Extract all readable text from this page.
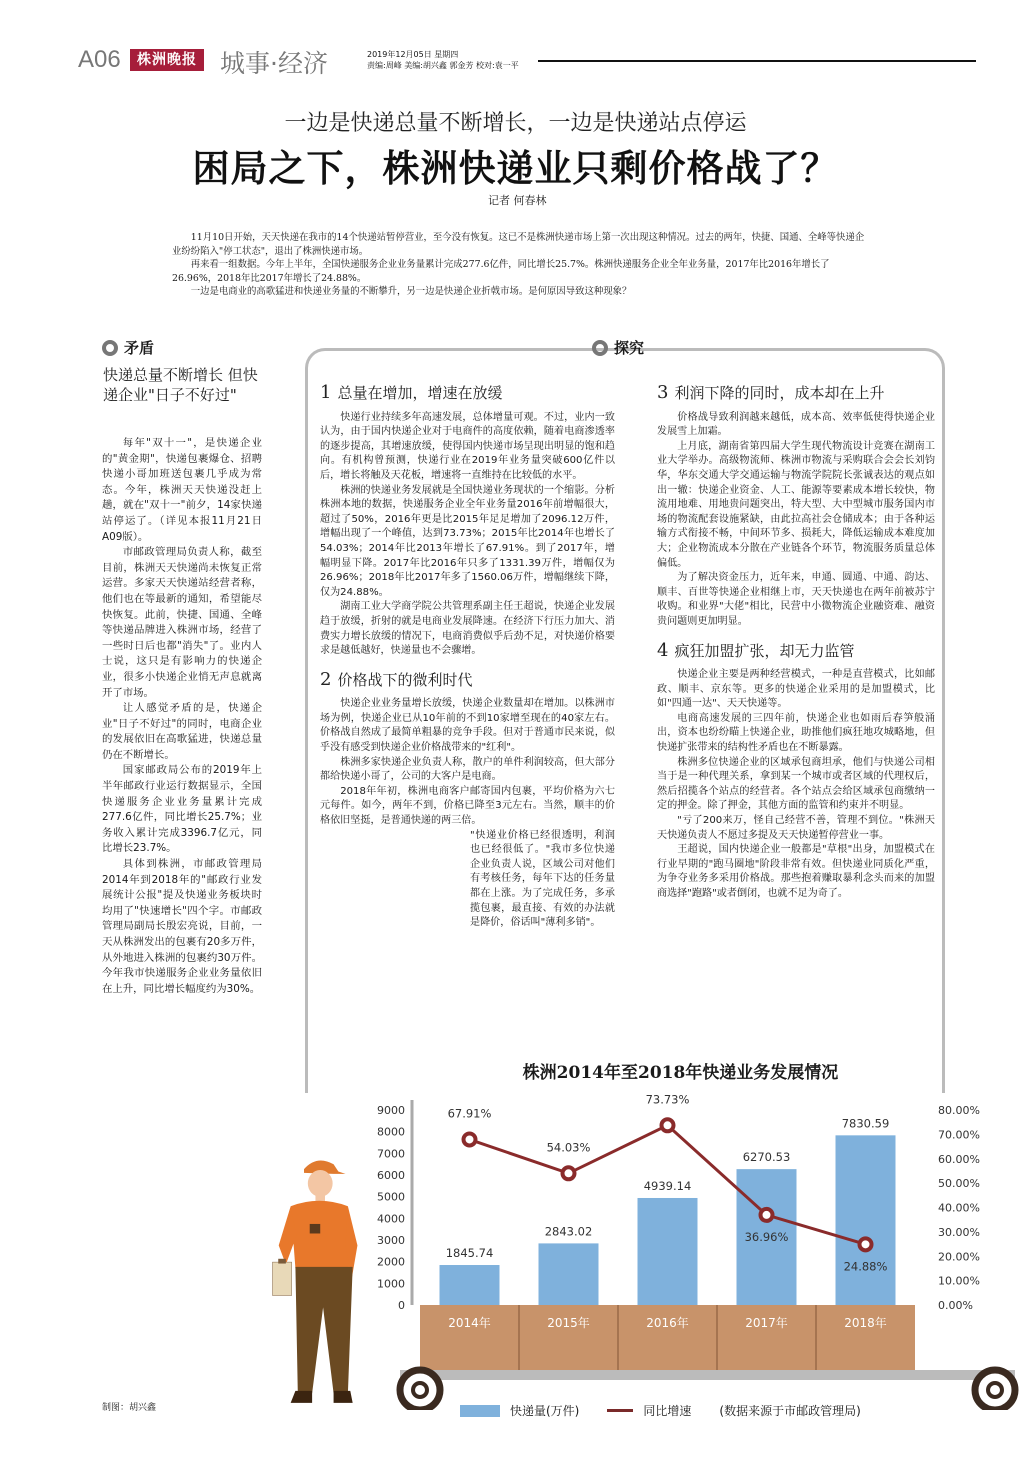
A06	株洲晚报 城事·经济	2019年12月05日 星期四
责编:周峰 美编:胡兴鑫 郭金芳 校对:袁一平
一边是快递总量不断增长，一边是快递站点停运
困局之下，株洲快递业只剩价格战了？
记者 何春林

11月10日开始，天天快递在我市的14个快递站暂停营业，至今没有恢复。这已不是株洲快递市场上第一次出现这种情况。过去的两年，快捷、国通、全峰等快递企业纷纷陷入"停工状态"，退出了株洲快递市场。

再来看一组数据。今年上半年，全国快递服务企业业务量累计完成277.6亿件，同比增长25.7%。株洲快递服务企业全年业务量，2017年比2016年增长了26.96%，2018年比2017年增长了24.88%。

一边是电商业的高歌猛进和快递业务量的不断攀升，另一边是快递企业折戟市场。是何原因导致这种现象？

矛盾
快递总量不断增长 但快递企业"日子不好过"

每年"双十一"，是快递企业的"黄金期"，快递包裹爆仓、招聘快递小哥加班送包裹几乎成为常态。今年，株洲天天快递没赶上趟，就在"双十一"前夕，14家快递站停运了。（详见本报11月21日A09版）。

市邮政管理局负责人称，截至目前，株洲天天快递尚未恢复正常运营。多家天天快递站经营者称，他们也在等最新的通知，希望能尽快恢复。此前，快捷、国通、全峰等快递品牌进入株洲市场，经营了一些时日后也都"消失"了。业内人士说，这只是有影响力的快递企业，很多小快递企业悄无声息就离开了市场。

让人感觉矛盾的是，快递企业"日子不好过"的同时，电商企业的发展依旧在高歌猛进，快递总量仍在不断增长。

国家邮政局公布的2019年上半年邮政行业运行数据显示，全国快递服务企业业务量累计完成277.6亿件，同比增长25.7%；业务收入累计完成3396.7亿元，同比增长23.7%。

具体到株洲，市邮政管理局2014年到2018年的"邮政行业发展统计公报"提及快递业务板块时均用了"快速增长"四个字。市邮政管理局副局长殷宏亮说，目前，一天从株洲发出的包裹有20多万件，从外地进入株洲的包裹约30万件。今年我市快递服务企业业务量依旧在上升，同比增长幅度约为30%。

探究
1 总量在增加，增速在放缓

快递行业持续多年高速发展，总体增量可观。不过，业内一致认为，由于国内快递企业对于电商件的高度依赖，随着电商渗透率的逐步提高，其增速放缓，使得国内快递市场呈现出明显的饱和趋向。有机构曾预测，快递行业在2019年业务量突破600亿件以后，增长将触及天花板，增速将一直维持在比较低的水平。

株洲的快递业务发展就是全国快递业务现状的一个缩影。分析株洲本地的数据，快递服务企业全年业务量2016年前增幅很大，超过了50%，2016年更是比2015年足足增加了2096.12万件，增幅出现了一个峰值，达到73.73%；2015年比2014年也增长了54.03%；2014年比2013年增长了67.91%。到了2017年，增幅明显下降。2017年比2016年只多了1331.39万件，增幅仅为26.96%；2018年比2017年多了1560.06万件，增幅继续下降，仅为24.88%。

湖南工业大学商学院公共管理系副主任王超说，快递企业发展趋于放缓，折射的就是电商业发展降速。在经济下行压力加大、消费实力增长放缓的情况下，电商消费似乎后劲不足，对快递价格要求是越低越好，快递量也不会骤增。

2 价格战下的微利时代

快递企业业务量增长放缓，快递企业数量却在增加。以株洲市场为例，快递企业已从10年前的不到10家增至现在的40家左右。价格战自然成了最简单粗暴的竞争手段。但对于普通市民来说，似乎没有感受到快递企业价格战带来的"红利"。

株洲多家快递企业负责人称，散户的单件利润较高，但大部分都给快递小哥了，公司的大客户是电商。

2018年年初，株洲电商客户邮寄国内包裹，平均价格为六七元每件。如今，两年不到，价格已降至3元左右。当然，顺丰的价格依旧坚挺，是普通快递的两三倍。

"快递业价格已经很透明，利润也已经很低了。"我市多位快递企业负责人说，区域公司对他们有考核任务，每年下达的任务量都在上涨。为了完成任务，多承揽包裹，最直接、有效的办法就是降价，俗话叫"薄利多销"。

3 利润下降的同时，成本却在上升

价格战导致利润越来越低，成本高、效率低使得快递企业发展雪上加霜。

上月底，湖南省第四届大学生现代物流设计竞赛在湖南工业大学举办。高级物流师、株洲市物流与采购联合会会长刘钧华，华东交通大学交通运输与物流学院院长张诚表达的观点如出一辙：快递企业资金、人工、能源等要素成本增长较快，物流用地难、用地贵问题突出，特大型、大中型城市服务国内市场的物流配套设施紧缺，由此拉高社会仓储成本；由于各种运输方式衔接不畅，中间环节多、损耗大，降低运输成本难度加大；企业物流成本分散在产业链各个环节，物流服务质量总体偏低。

为了解决资金压力，近年来，申通、圆通、中通、韵达、顺丰、百世等快递企业相继上市，天天快递也在两年前被苏宁收购。和业界"大佬"相比，民营中小微物流企业融资难、融资贵问题则更加明显。

4 疯狂加盟扩张，却无力监管

快递企业主要是两种经营模式，一种是直营模式，比如邮政、顺丰、京东等。更多的快递企业采用的是加盟模式，比如"四通一达"、天天快递等。

电商高速发展的三四年前，快递企业也如雨后春笋般涌出，资本也纷纷瞄上快递企业，助推他们疯狂地攻城略地，但快递扩张带来的结构性矛盾也在不断暴露。

株洲多位快递企业的区域承包商坦承，他们与快递公司相当于是一种代理关系，拿到某一个城市或者区域的代理权后，然后招揽各个站点的经营者。各个站点会给区域承包商缴纳一定的押金。除了押金，其他方面的监管和约束并不明显。

"亏了200来万，怪自己经营不善，管理不到位。"株洲天天快递负责人不愿过多提及天天快递暂停营业一事。

王超说，国内快递企业一般都是"草根"出身，加盟模式在行业早期的"跑马圈地"阶段非常有效。但快递业同质化严重，为争夺业务多采用价格战。那些抱着赚取暴利念头而来的加盟商选择"跑路"或者倒闭，也就不足为奇了。

株洲2014年至2018年快递业务发展情况
0
1000
2000
3000
4000
5000
6000
7000
8000
9000
0.00%
10.00%
20.00%
30.00%
40.00%
50.00%
60.00%
70.00%
80.00%
2014年	2015年	2016年	2017年	2018年
1845.74
2843.02
4939.14
6270.53
7830.59
67.91%
54.03%
73.73%
36.96%
24.88%
制图：胡兴鑫	快递量(万件)	同比增速 (数据来源于市邮政管理局)
